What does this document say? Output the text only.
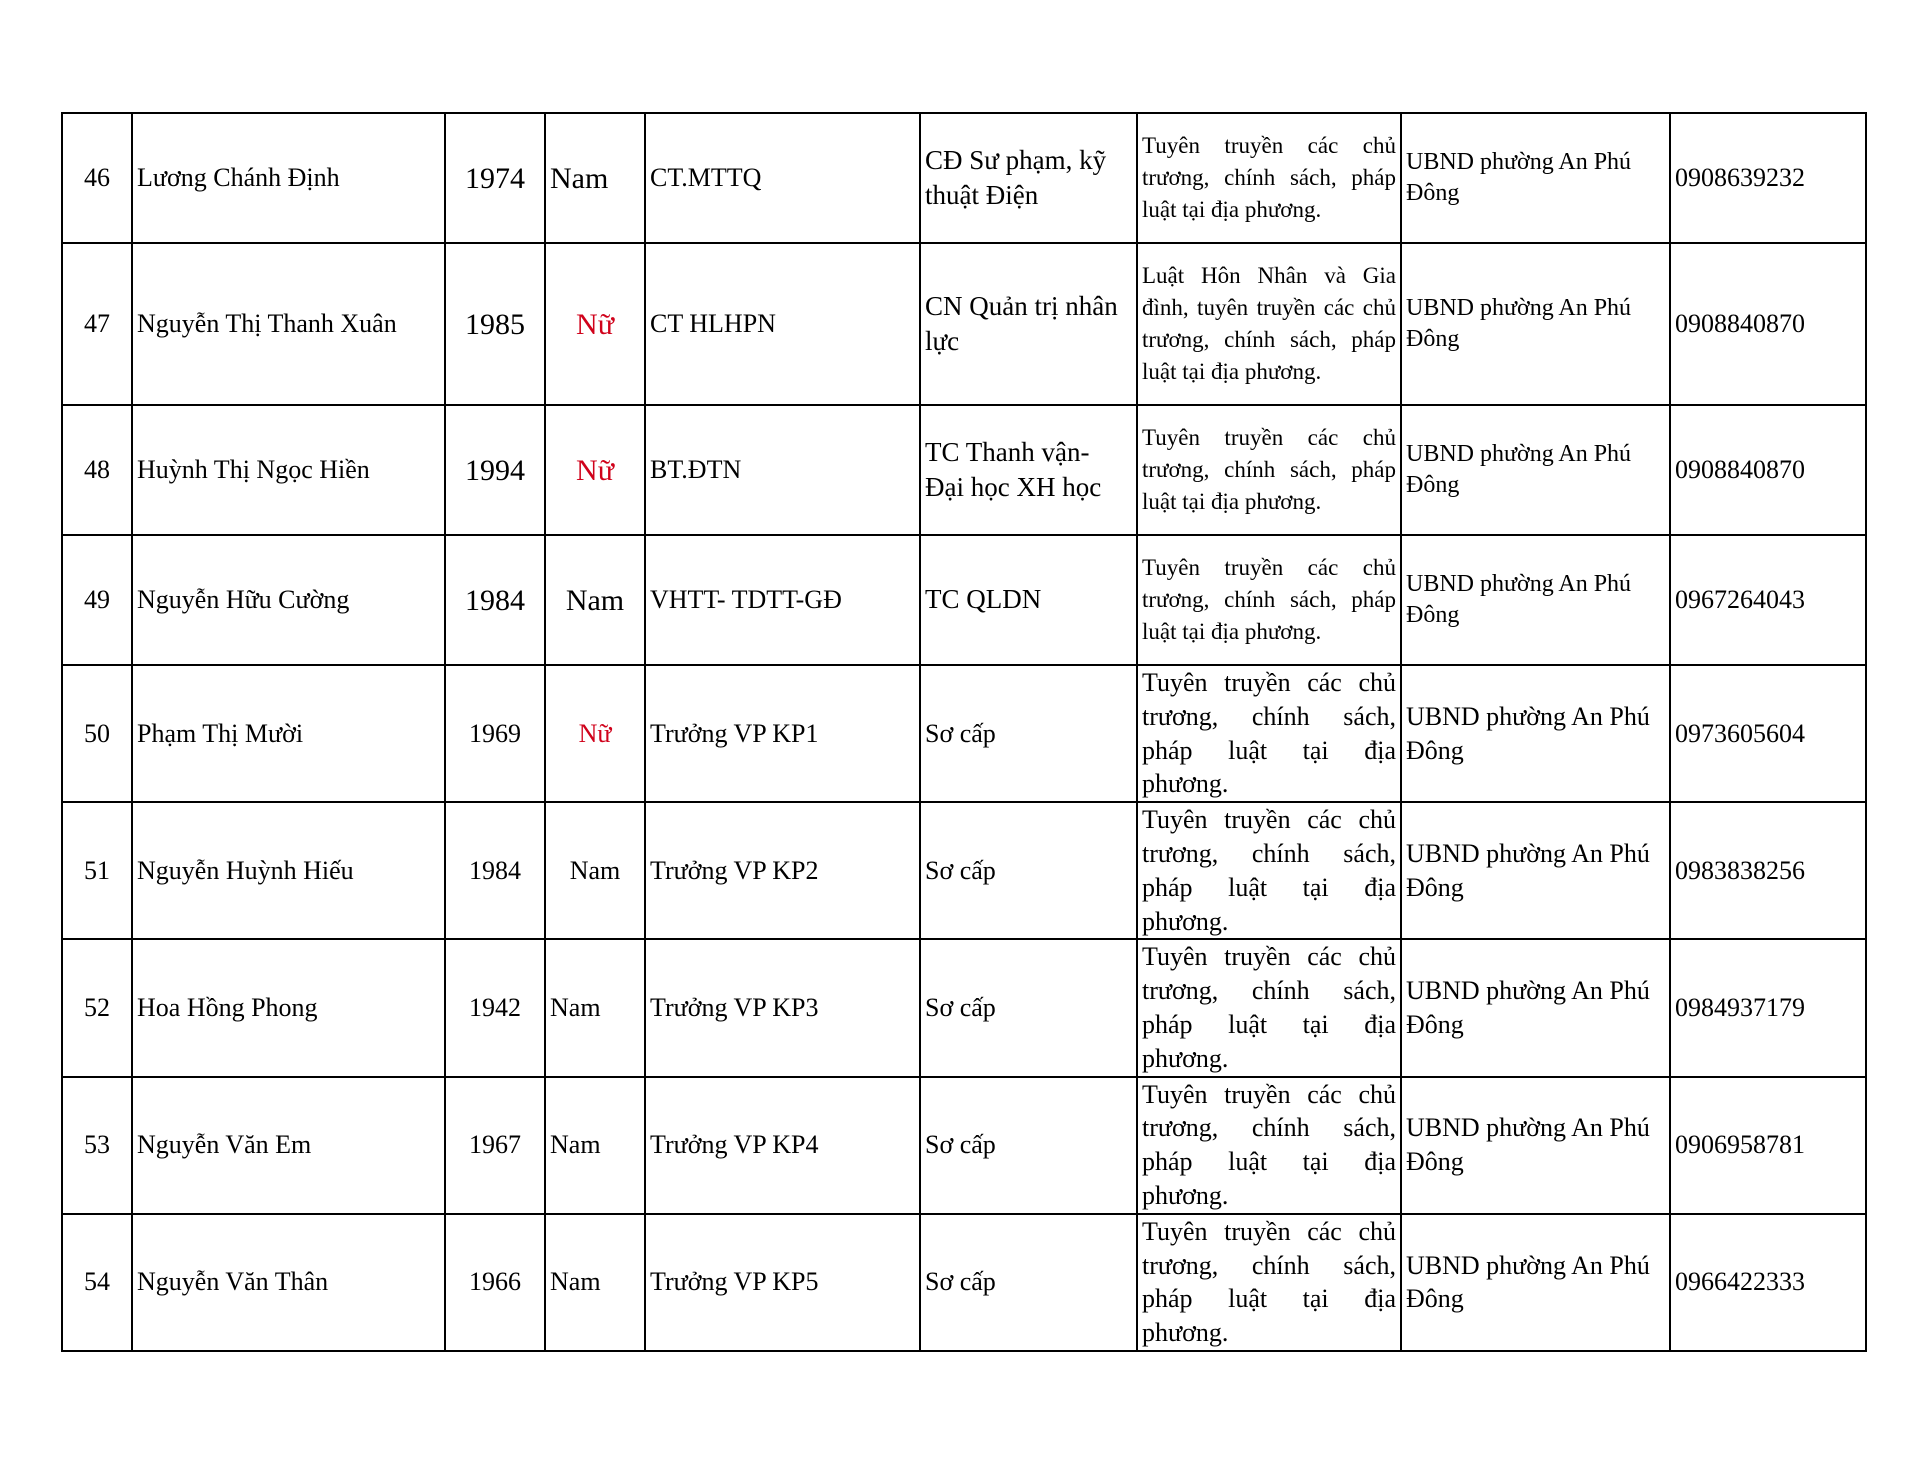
46	Lương Chánh Định	1974	Nam	CT.MTTQ	CĐ Sư phạm, kỹ thuật Điện	Tuyên truyền các chủ trương, chính sách, pháp luật tại địa phương.	UBND phường An Phú Đông	0908639232
47	Nguyễn Thị Thanh Xuân	1985	Nữ	CT HLHPN	CN Quản trị nhân lực	Luật Hôn Nhân và Gia đình, tuyên truyền các chủ trương, chính sách, pháp luật tại địa phương.	UBND phường An Phú Đông	0908840870
48	Huỳnh Thị Ngọc Hiền	1994	Nữ	BT.ĐTN	TC Thanh vận- Đại học XH học	Tuyên truyền các chủ trương, chính sách, pháp luật tại địa phương.	UBND phường An Phú Đông	0908840870
49	Nguyễn Hữu Cường	1984	Nam	VHTT- TDTT-GĐ	TC QLDN	Tuyên truyền các chủ trương, chính sách, pháp luật tại địa phương.	UBND phường An Phú Đông	0967264043
50	Phạm Thị Mười	1969	Nữ	Trưởng VP KP1	Sơ cấp	Tuyên truyền các chủ trương, chính sách, pháp luật tại địa phương.	UBND phường An Phú Đông	0973605604
51	Nguyễn Huỳnh Hiếu	1984	Nam	Trưởng VP KP2	Sơ cấp	Tuyên truyền các chủ trương, chính sách, pháp luật tại địa phương.	UBND phường An Phú Đông	0983838256
52	Hoa Hồng Phong	1942	Nam	Trưởng VP KP3	Sơ cấp	Tuyên truyền các chủ trương, chính sách, pháp luật tại địa phương.	UBND phường An Phú Đông	0984937179
53	Nguyễn Văn Em	1967	Nam	Trưởng VP KP4	Sơ cấp	Tuyên truyền các chủ trương, chính sách, pháp luật tại địa phương.	UBND phường An Phú Đông	0906958781
54	Nguyễn Văn Thân	1966	Nam	Trưởng VP KP5	Sơ cấp	Tuyên truyền các chủ trương, chính sách, pháp luật tại địa phương.	UBND phường An Phú Đông	0966422333
